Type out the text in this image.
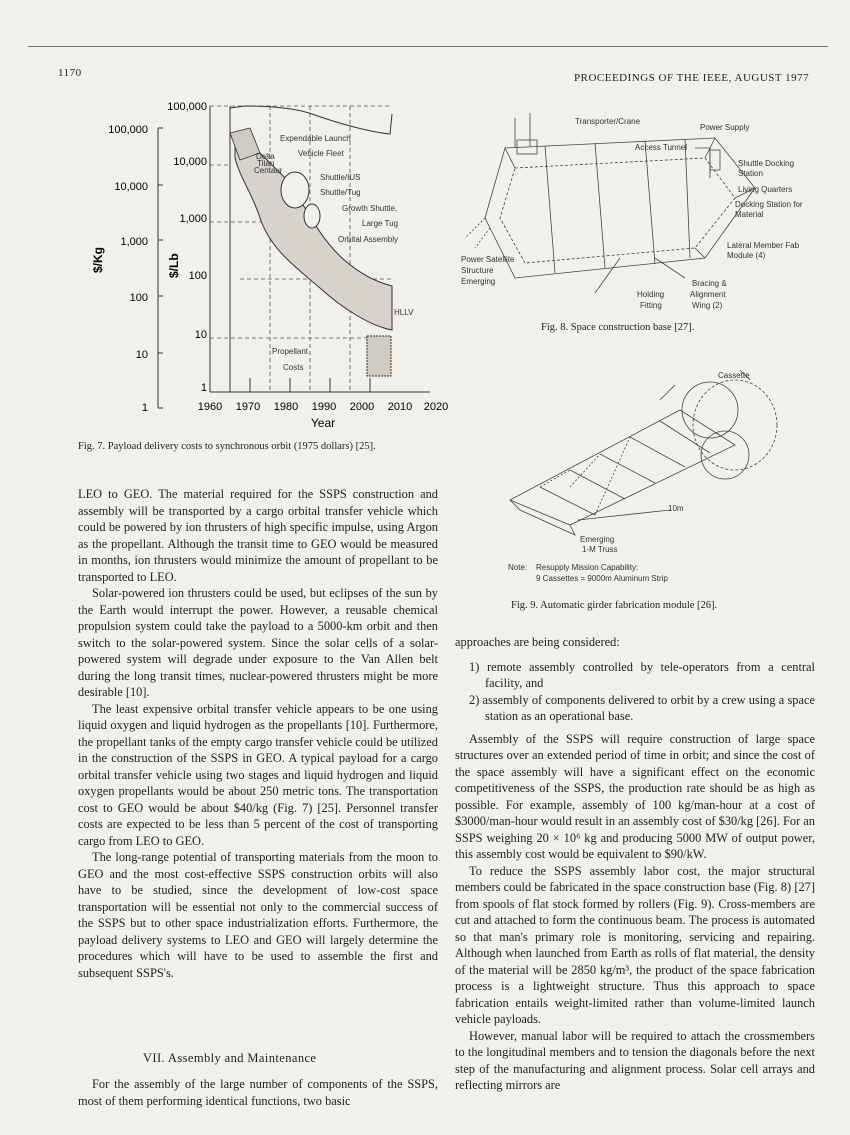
1170	PROCEEDINGS OF THE IEEE, AUGUST 1977
100,000
10,000
1,000
100
10
1
$/Kg
100,000
10,000
1,000
100
10
1
$/Lb
Expendable Launch
Vehicle Fleet
Delta
Titan
Centaur
Shuttle/IUS
Shuttle/Tug
Growth Shuttle,
Large Tug
Orbital Assembly
HLLV
Propellant
Costs
1960 1970 1980 1990 2000 2010 2020
Year
Fig. 7. Payload delivery costs to synchronous orbit (1975 dollars) [25].
Transporter/Crane
Power Supply
Access Tunnel
Shuttle Docking
Station
Living Quarters
Docking Station for
Material
Lateral Member Fab
Module (4)
Power Satellite
Structure
Emerging
Holding
Fitting
Bracing &
Alignment
Wing (2)
Fig. 8. Space construction base [27].
Cassette
10m
Emerging
1-M Truss
Note: Resupply Mission Capability:
9 Cassettes = 9000m Aluminum Strip
Fig. 9. Automatic girder fabrication module [26].

LEO to GEO. The material required for the SSPS construction and assembly will be transported by a cargo orbital transfer vehicle which could be powered by ion thrusters of high specific impulse, using Argon as the propellant. Although the transit time to GEO would be measured in months, ion thrusters would minimize the amount of propellant to be transported to LEO.

Solar-powered ion thrusters could be used, but eclipses of the sun by the Earth would interrupt the power. However, a reusable chemical propulsion system could take the payload to a 5000-km orbit and then switch to the solar-powered system. Since the solar cells of a solar-powered system will degrade under exposure to the Van Allen belt during the long transit times, nuclear-powered thrusters might be more desirable [10].

The least expensive orbital transfer vehicle appears to be one using liquid oxygen and liquid hydrogen as the propellants [10]. Furthermore, the propellant tanks of the empty cargo transfer vehicle could be utilized in the construction of the SSPS in GEO. A typical payload for a cargo orbital transfer vehicle using two stages and liquid hydrogen and liquid oxygen propellants would be about 250 metric tons. The transportation cost to GEO would be about $40/kg (Fig. 7) [25]. Personnel transfer costs are expected to be less than 5 percent of the cost of transporting cargo from LEO to GEO.

The long-range potential of transporting materials from the moon to GEO and the most cost-effective SSPS construction orbits will also have to be studied, since the development of low-cost space transportation will be essential not only to the commercial success of the SSPS but to other space industrialization efforts. Furthermore, the payload delivery systems to LEO and GEO will largely determine the procedures which will have to be used to assemble the first and subsequent SSPS's.

VII. Assembly and Maintenance

For the assembly of the large number of components of the SSPS, most of them performing identical functions, two basic

approaches are being considered:

1) remote assembly controlled by tele-operators from a central facility, and
2) assembly of components delivered to orbit by a crew using a space station as an operational base.

Assembly of the SSPS will require construction of large space structures over an extended period of time in orbit; and since the cost of the space assembly will have a significant effect on the economic competitiveness of the SSPS, the production rate should be as high as possible. For example, assembly of 100 kg/man-hour at a cost of $3000/man-hour would result in an assembly cost of $30/kg [26]. For an SSPS weighing 20 × 10⁶ kg and producing 5000 MW of output power, this assembly cost would be equivalent to $90/kW.

To reduce the SSPS assembly labor cost, the major structural members could be fabricated in the space construction base (Fig. 8) [27] from spools of flat stock formed by rollers (Fig. 9). Cross-members are cut and attached to form the continuous beam. The process is automated so that man's primary role is monitoring, servicing and repairing. Although when launched from Earth as rolls of flat material, the density of the material will be 2850 kg/m³, the product of the space fabrication process is a lightweight structure. Thus this approach to space fabrication entails weight-limited rather than volume-limited launch vehicle payloads.

However, manual labor will be required to attach the crossmembers to the longitudinal members and to tension the diagonals before the next step of the manufacturing and alignment process. Solar cell arrays and reflecting mirrors are
